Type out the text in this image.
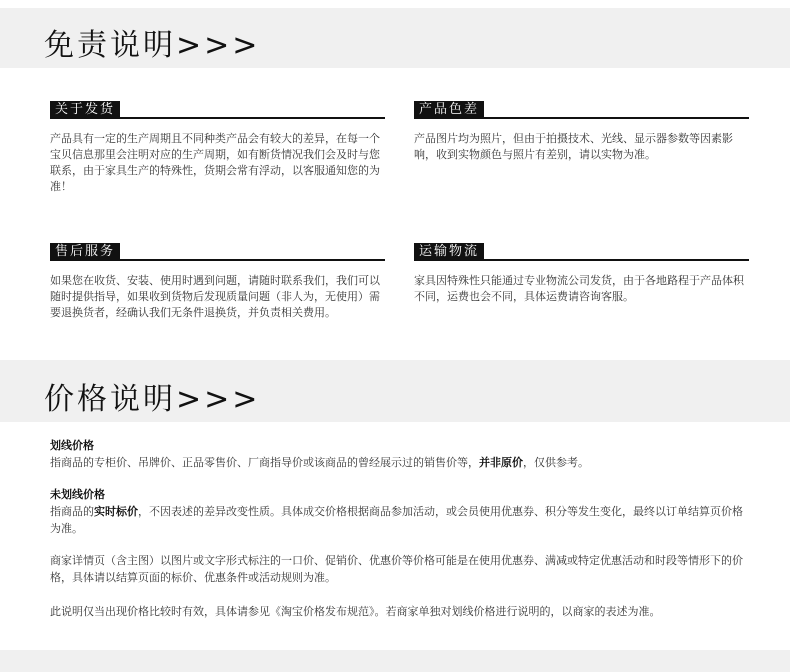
免责说明>>>
关于发货
产品具有一定的生产周期且不同种类产品会有较大的差异，在每一个宝贝信息那里会注明对应的生产周期，如有断货情况我们会及时与您联系，由于家具生产的特殊性，货期会常有浮动，以客服通知您的为准！
产品色差
产品图片均为照片，但由于拍摄技术、光线、显示器参数等因素影响，收到实物颜色与照片有差别，请以实物为准。
售后服务
如果您在收货、安装、使用时遇到问题，请随时联系我们，我们可以随时提供指导，如果收到货物后发现质量问题（非人为，无使用）需要退换货者，经确认我们无条件退换货，并负责相关费用。
运输物流
家具因特殊性只能通过专业物流公司发货，由于各地路程于产品体积不同，运费也会不同，具体运费请咨询客服。
价格说明>>>
划线价格
指商品的专柜价、吊牌价、正品零售价、厂商指导价或该商品的曾经展示过的销售价等，并非原价，仅供参考。
未划线价格
指商品的实时标价，不因表述的差异改变性质。具体成交价格根据商品参加活动，或会员使用优惠券、积分等发生变化，最终以订单结算页价格为准。
商家详情页（含主图）以图片或文字形式标注的一口价、促销价、优惠价等价格可能是在使用优惠券、满减或特定优惠活动和时段等情形下的价格，具体请以结算页面的标价、优惠条件或活动规则为准。
此说明仅当出现价格比较时有效，具体请参见《淘宝价格发布规范》。若商家单独对划线价格进行说明的，以商家的表述为准。
